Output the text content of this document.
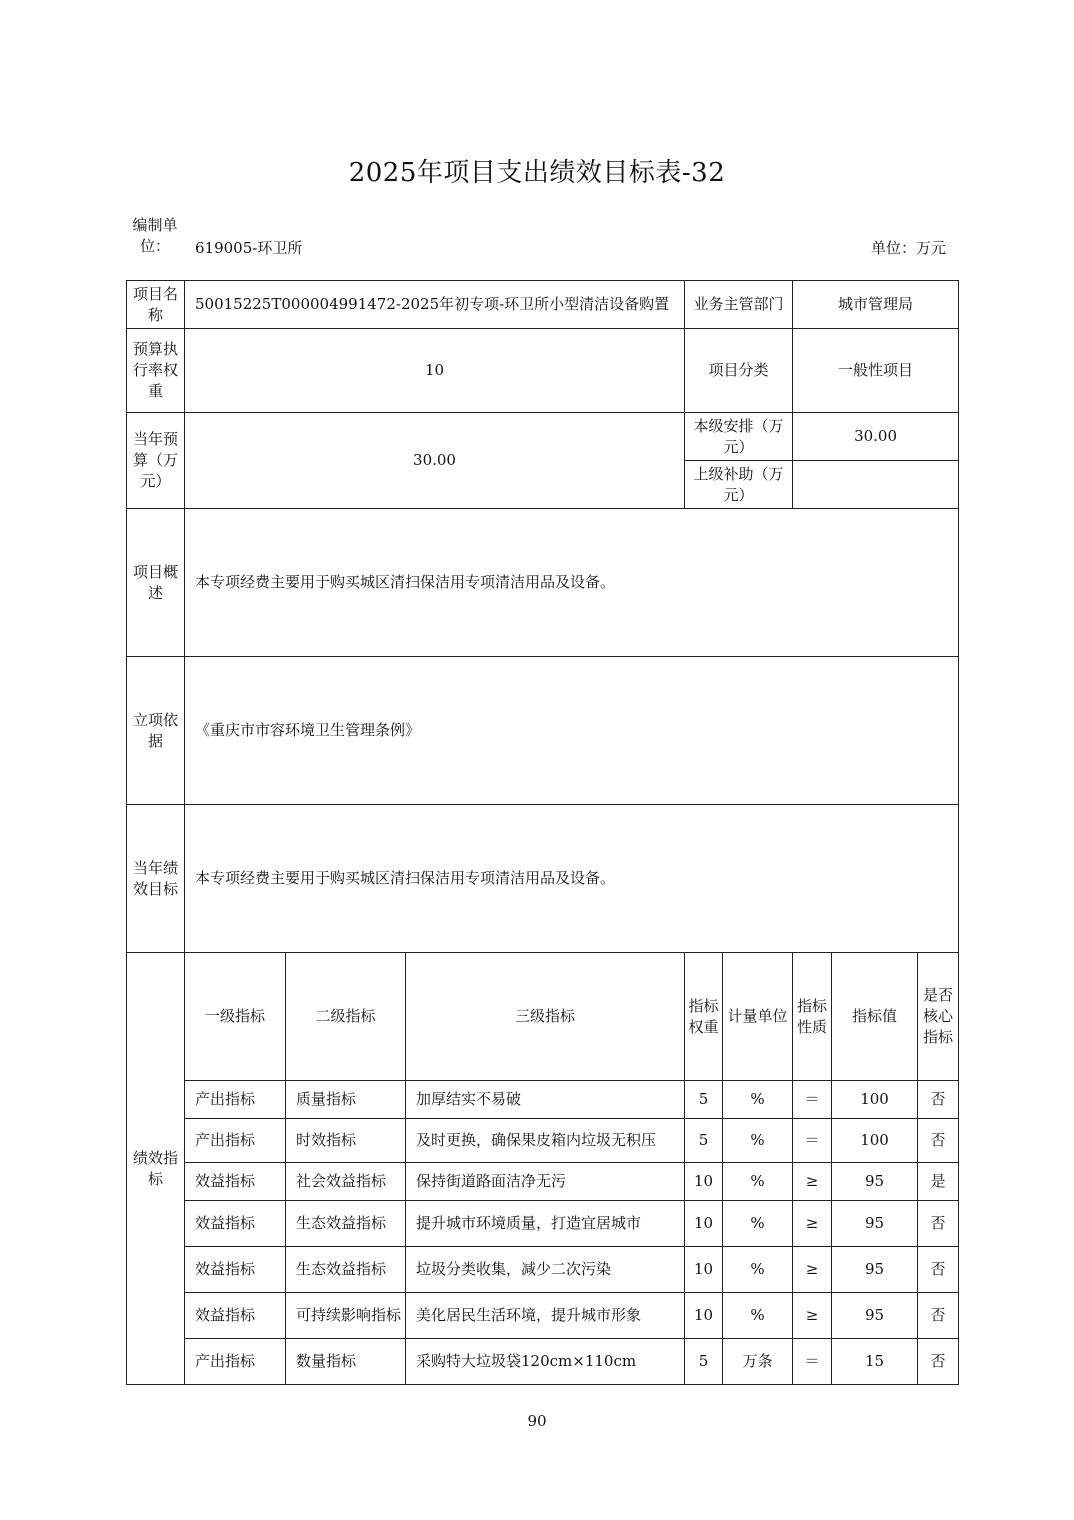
2025年项目支出绩效目标表-32
编制单位：	619005-环卫所	单位：万元
项目名称	50015225T000004991472-2025年初专项-环卫所小型清洁设备购置			业务主管部门		城市管理局		
预算执行率权重	10			项目分类		一般性项目		
当年预算（万元）	30.00			本级安排（万元）		30.00		
				上级补助（万元）				
项目概述	本专项经费主要用于购买城区清扫保洁用专项清洁用品及设备。							
立项依据	《重庆市市容环境卫生管理条例》							
当年绩效目标	本专项经费主要用于购买城区清扫保洁用专项清洁用品及设备。							
绩效指标	一级指标	二级指标	三级指标	指标权重	计量单位	指标性质	指标值	是否核心指标
	产出指标	质量指标	加厚结实不易破	5	%	＝	100	否
	产出指标	时效指标	及时更换，确保果皮箱内垃圾无积压	5	%	＝	100	否
	效益指标	社会效益指标	保持街道路面洁净无污	10	%	≥	95	是
	效益指标	生态效益指标	提升城市环境质量，打造宜居城市	10	%	≥	95	否
	效益指标	生态效益指标	垃圾分类收集，减少二次污染	10	%	≥	95	否
	效益指标	可持续影响指标	美化居民生活环境，提升城市形象	10	%	≥	95	否
	产出指标	数量指标	采购特大垃圾袋120cm×110cm	5	万条	＝	15	否
90
